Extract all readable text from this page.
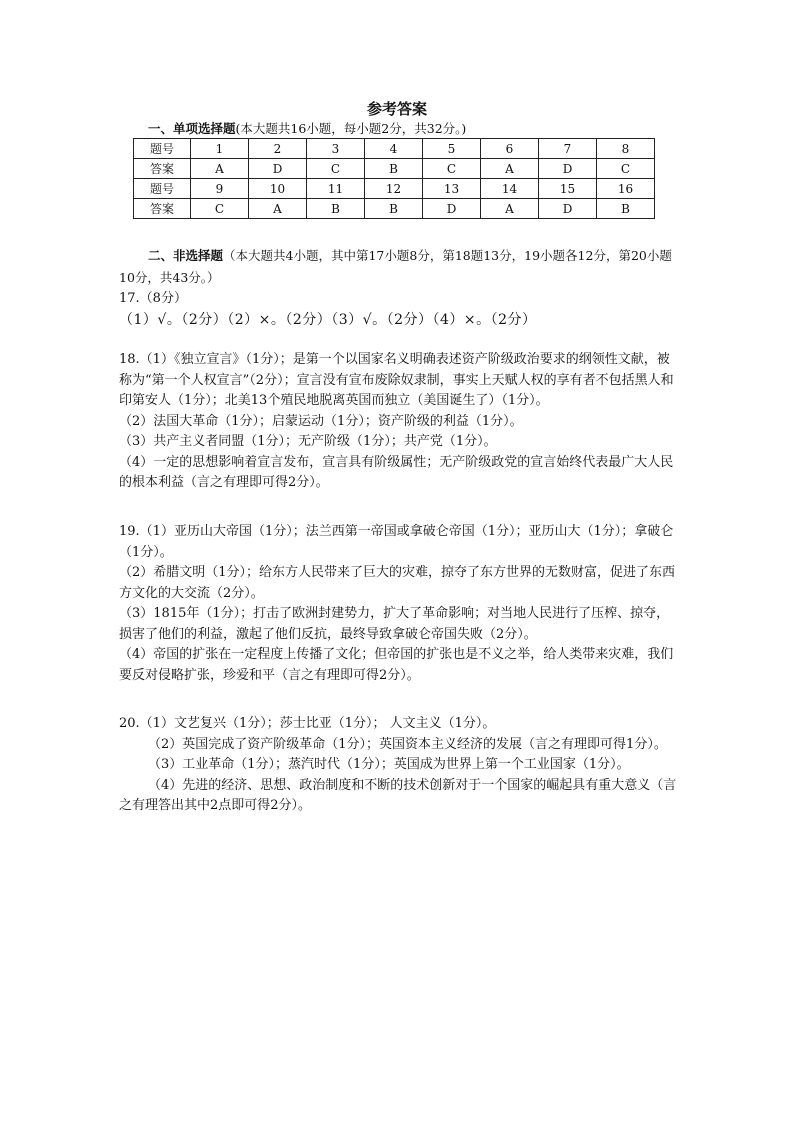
参考答案
一、单项选择题(本大题共16小题，每小题2分，共32分。)
题号	1	2	3	4	5	6	7	8
答案	A	D	C	B	C	A	D	C
题号	9	10	11	12	13	14	15	16
答案	C	A	B	B	D	A	D	B
二、非选择题（本大题共4小题，其中第17小题8分，第18题13分，19小题各12分，第20小题10分，共43分。）

17.（8分）

（1）√。（2分）（2）×。（2分）（3）√。（2分）（4）×。（2分）

18.（1）《独立宣言》（1分）；是第一个以国家名义明确表述资产阶级政治要求的纲领性文献，被称为“第一个人权宣言”（2分）；宣言没有宣布废除奴隶制，事实上天赋人权的享有者不包括黑人和印第安人（1分）；北美13个殖民地脱离英国而独立（美国诞生了）（1分）。

（2）法国大革命（1分）；启蒙运动（1分）；资产阶级的利益（1分）。

（3）共产主义者同盟（1分）；无产阶级（1分）；共产党（1分）。

（4）一定的思想影响着宣言发布，宣言具有阶级属性；无产阶级政党的宣言始终代表最广大人民的根本利益（言之有理即可得2分）。

19.（1）亚历山大帝国（1分）；法兰西第一帝国或拿破仑帝国（1分）；亚历山大（1分）；拿破仑（1分）。

（2）希腊文明（1分）；给东方人民带来了巨大的灾难，掠夺了东方世界的无数财富，促进了东西方文化的大交流（2分）。

（3）1815年（1分）；打击了欧洲封建势力，扩大了革命影响；对当地人民进行了压榨、掠夺，损害了他们的利益，激起了他们反抗，最终导致拿破仑帝国失败（2分）。

（4）帝国的扩张在一定程度上传播了文化；但帝国的扩张也是不义之举，给人类带来灾难，我们要反对侵略扩张，珍爱和平（言之有理即可得2分）。

20.（1）文艺复兴（1分）；莎士比亚（1分）； 人文主义（1分）。

（2）英国完成了资产阶级革命（1分）；英国资本主义经济的发展（言之有理即可得1分）。

（3）工业革命（1分）；蒸汽时代（1分）；英国成为世界上第一个工业国家（1分）。

（4）先进的经济、思想、政治制度和不断的技术创新对于一个国家的崛起具有重大意义（言之有理答出其中2点即可得2分）。
